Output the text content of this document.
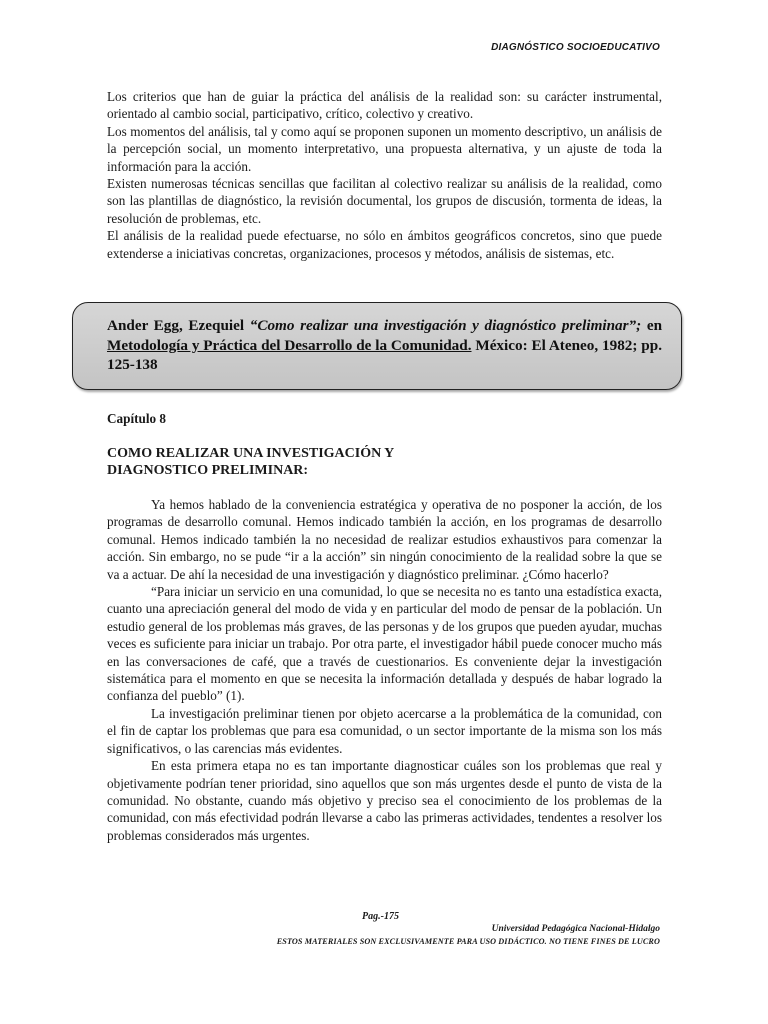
DIAGNÓSTICO SOCIOEDUCATIVO

Los criterios que han de guiar la práctica del análisis de la realidad son: su carácter instrumental, orientado al cambio social, participativo, crítico, colectivo y creativo.

Los momentos del análisis, tal y como aquí se proponen suponen un momento descriptivo, un análisis de la percepción social, un momento interpretativo, una propuesta alternativa, y un ajuste de toda la información para la acción.

Existen numerosas técnicas sencillas que facilitan al colectivo realizar su análisis de la realidad, como son las plantillas de diagnóstico, la revisión documental, los grupos de discusión, tormenta de ideas, la resolución de problemas, etc.

El análisis de la realidad puede efectuarse, no sólo en ámbitos geográficos concretos, sino que puede extenderse a iniciativas concretas, organizaciones, procesos y métodos, análisis de sistemas, etc.

Ander Egg, Ezequiel “Como realizar una investigación y diagnóstico preliminar”; en Metodología y Práctica del Desarrollo de la Comunidad. México: El Ateneo, 1982; pp. 125-138
Capítulo 8
COMO REALIZAR UNA INVESTIGACIÓN Y
DIAGNOSTICO PRELIMINAR:

Ya hemos hablado de la conveniencia estratégica y operativa de no posponer la acción, de los programas de desarrollo comunal. Hemos indicado también la acción, en los programas de desarrollo comunal. Hemos indicado también la no necesidad de realizar estudios exhaustivos para comenzar la acción. Sin embargo, no se pude “ir a la acción” sin ningún conocimiento de la realidad sobre la que se va a actuar. De ahí la necesidad de una investigación y diagnóstico preliminar. ¿Cómo hacerlo?

“Para iniciar un servicio en una comunidad, lo que se necesita no es tanto una estadística exacta, cuanto una apreciación general del modo de vida y en particular del modo de pensar de la población. Un estudio general de los problemas más graves, de las personas y de los grupos que pueden ayudar, muchas veces es suficiente para iniciar un trabajo. Por otra parte, el investigador hábil puede conocer mucho más en las conversaciones de café, que a través de cuestionarios. Es conveniente dejar la investigación sistemática para el momento en que se necesita la información detallada y después de habar logrado la confianza del pueblo” (1).

La investigación preliminar tienen por objeto acercarse a la problemática de la comunidad, con el fin de captar los problemas que para esa comunidad, o un sector importante de la misma son los más significativos, o las carencias más evidentes.

En esta primera etapa no es tan importante diagnosticar cuáles son los problemas que real y objetivamente podrían tener prioridad, sino aquellos que son más urgentes desde el punto de vista de la comunidad. No obstante, cuando más objetivo y preciso sea el conocimiento de los problemas de la comunidad, con más efectividad podrán llevarse a cabo las primeras actividades, tendentes a resolver los problemas considerados más urgentes.

Pag.-175
Universidad Pedagógica Nacional-Hidalgo
ESTOS MATERIALES SON EXCLUSIVAMENTE PARA USO DIDÁCTICO. NO TIENE FINES DE LUCRO
